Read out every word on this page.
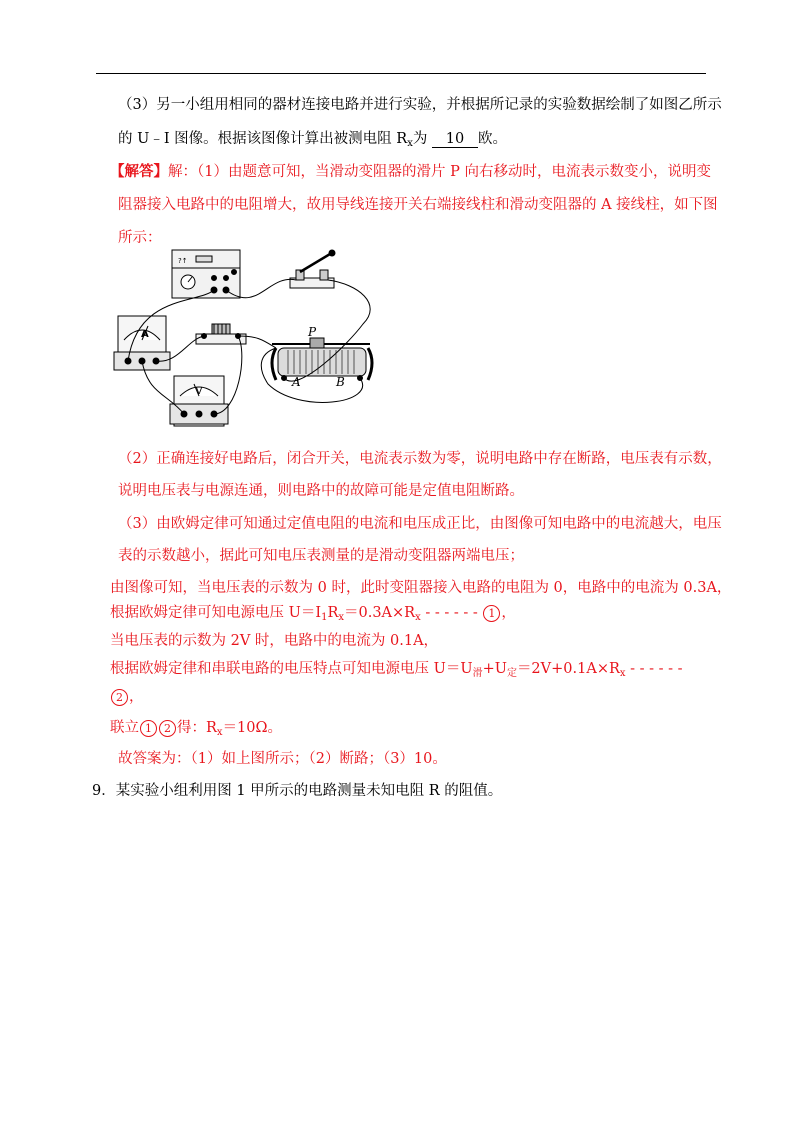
（3）另一小组用相同的器材连接电路并进行实验，并根据所记录的实验数据绘制了如图乙所示
的 U﹣I 图像。根据该图像计算出被测电阻 $R_x$为 10 欧。
【解答】解：（1）由题意可知，当滑动变阻器的滑片 P 向右移动时，电流表示数变小，说明变
阻器接入电路中的电阻增大，故用导线连接开关右端接线柱和滑动变阻器的 A 接线柱，如下图
所示：
?↑
A
V
P
A	B
（2）正确连接好电路后，闭合开关，电流表示数为零，说明电路中存在断路，电压表有示数，
说明电压表与电源连通，则电路中的故障可能是定值电阻断路。
（3）由欧姆定律可知通过定值电阻的电流和电压成正比，由图像可知电路中的电流越大，电压
表的示数越小，据此可知电压表测量的是滑动变阻器两端电压；
由图像可知，当电压表的示数为 0 时，此时变阻器接入电路的电阻为 0，电路中的电流为 0.3A，
根据欧姆定律可知电源电压 $U=I_1R_x=0.3A\times R_x$ - - - - - - 1 ，
当电压表的示数为 2V 时，电路中的电流为 0.1A，
根据欧姆定律和串联电路的电压特点可知电源电压 $U=U_滑+U_定=2V+0.1A\times R_x$ - - - - - -
2 ，
联立 1 2 得：$R_x=10\Omega$。
故答案为：（1）如上图所示；（2）断路；（3）10。
9．某实验小组利用图 1 甲所示的电路测量未知电阻 R 的阻值。
